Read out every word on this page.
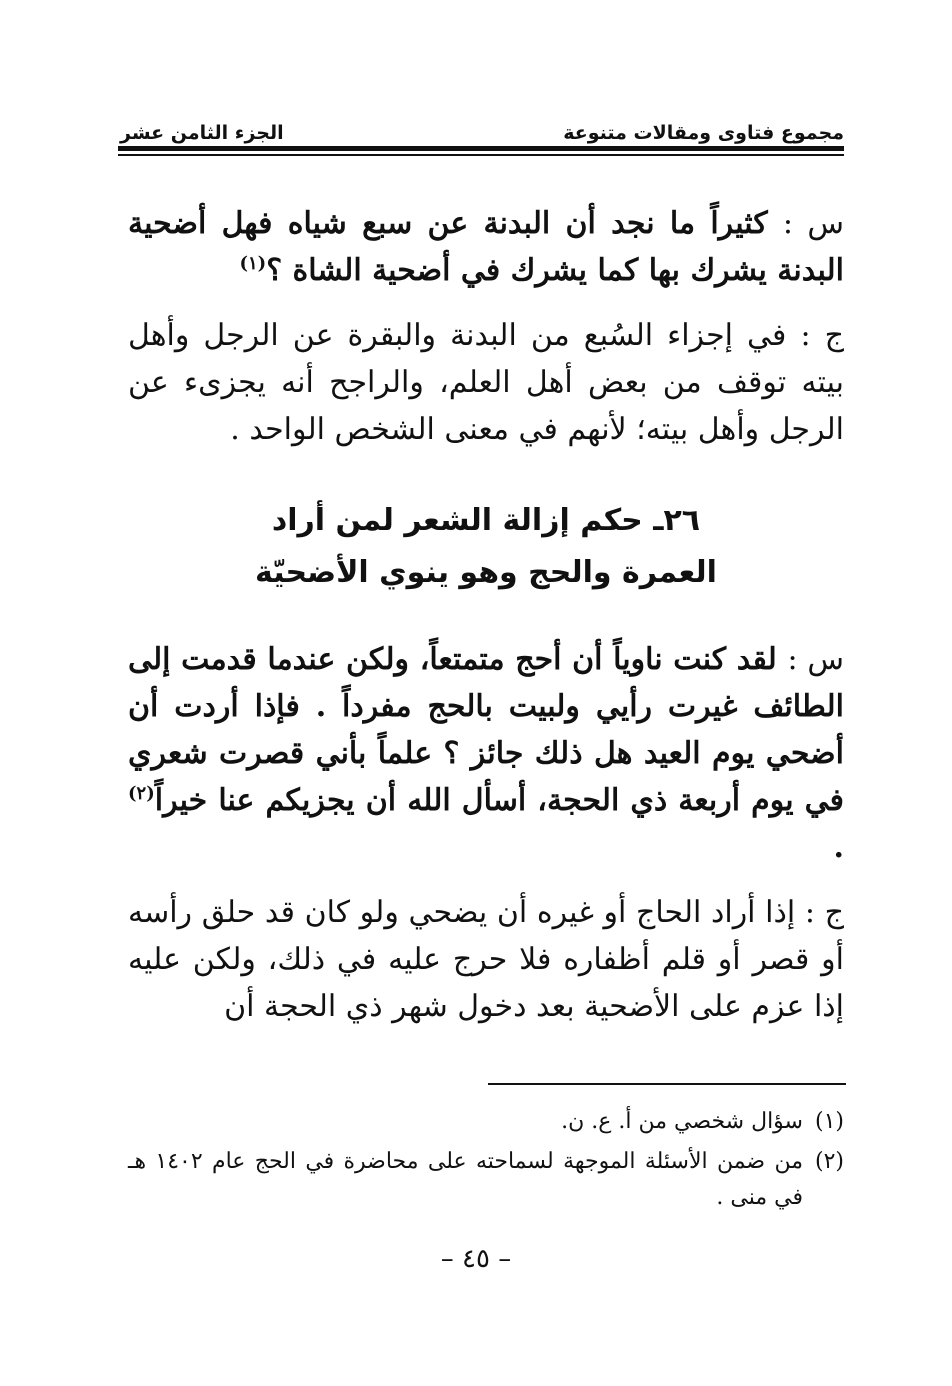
الجزء الثامن عشر	مجموع فتاوى ومقالات متنوعة
س : كثيراً ما نجد أن البدنة عن سبع شياه فهل أضحية البدنة يشرك بها كما يشرك في أضحية الشاة ؟$^{(١)}$
ج : في إجزاء السُبع من البدنة والبقرة عن الرجل وأهل بيته توقف من بعض أهل العلم، والراجح أنه يجزىء عن الرجل وأهل بيته؛ لأنهم في معنى الشخص الواحد .
٢٦ـ حكم إزالة الشعر لمن أراد
العمرة والحج وهو ينوي الأضحيّة
س : لقد كنت ناوياً أن أحج متمتعاً، ولكن عندما قدمت إلى الطائف غيرت رأيي ولبيت بالحج مفرداً . فإذا أردت أن أضحي يوم العيد هل ذلك جائز ؟ علماً بأني قصرت شعري في يوم أربعة ذي الحجة، أسأل الله أن يجزيكم عنا خيراً$^{(٢)}$ .
ج : إذا أراد الحاج أو غيره أن يضحي ولو كان قد حلق رأسه أو قصر أو قلم أظفاره فلا حرج عليه في ذلك، ولكن عليه إذا عزم على الأضحية بعد دخول شهر ذي الحجة أن
(١)
سؤال شخصي من أ. ع. ن.
(٢)
من ضمن الأسئلة الموجهة لسماحته على محاضرة في الحج عام ١٤٠٢ هـ في منى .
– ٤٥ –
